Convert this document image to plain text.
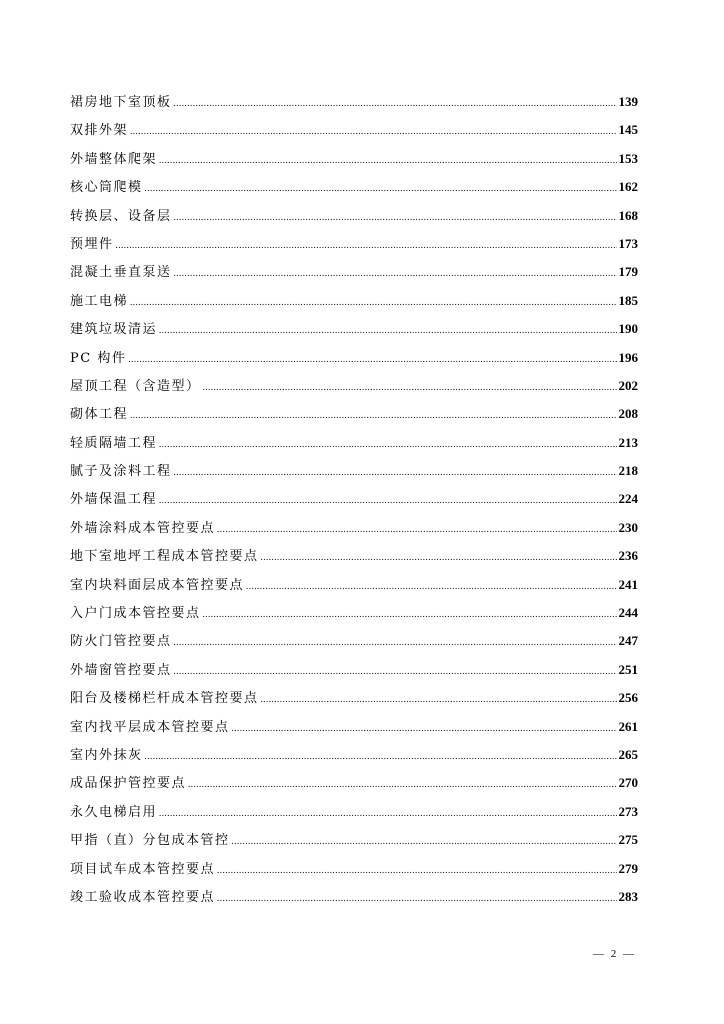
裙房地下室顶板 .....	139
双排外架 .....	145
外墙整体爬架 .....	153
核心筒爬模 .....	162
转换层、设备层 .....	168
预埋件 .....	173
混凝土垂直泵送 .....	179
施工电梯 .....	185
建筑垃圾清运 .....	190
PC 构件 .....	196
屋顶工程（含造型） .....	202
砌体工程 .....	208
轻质隔墙工程 .....	213
腻子及涂料工程 .....	218
外墙保温工程 .....	224
外墙涂料成本管控要点 .....	230
地下室地坪工程成本管控要点 .....	236
室内块料面层成本管控要点 .....	241
入户门成本管控要点 .....	244
防火门管控要点 .....	247
外墙窗管控要点 .....	251
阳台及楼梯栏杆成本管控要点 .....	256
室内找平层成本管控要点 .....	261
室内外抹灰 .....	265
成品保护管控要点 .....	270
永久电梯启用 .....	273
甲指（直）分包成本管控 .....	275
项目试车成本管控要点 .....	279
竣工验收成本管控要点 .....	283
— 2 —
